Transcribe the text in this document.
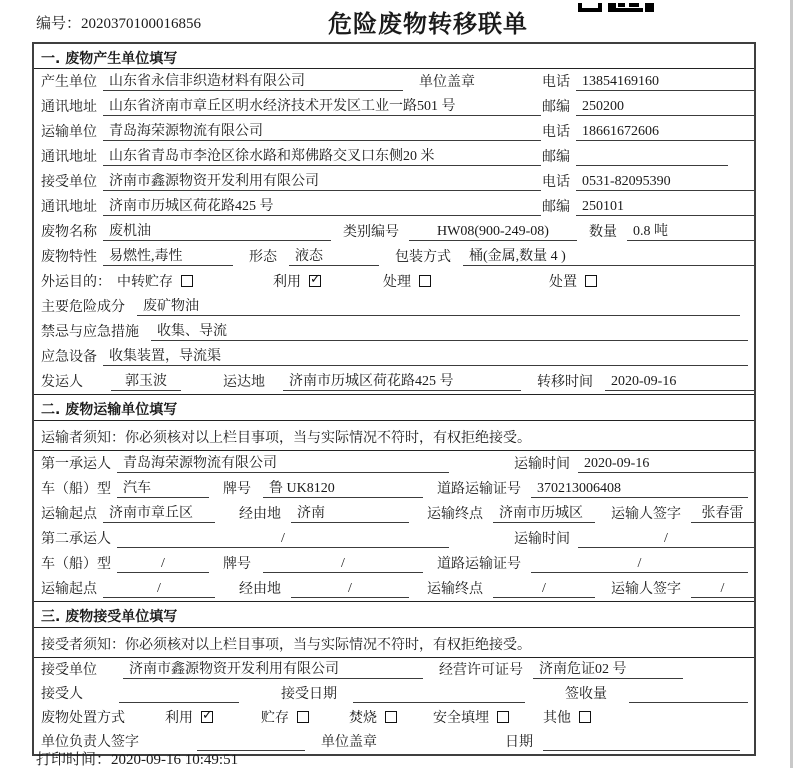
编号：2020370100016856	危险废物转移联单
一. 废物产生单位填写
产生单位 山东省永信非织造材料有限公司	单位盖章	电话 13854169160
通讯地址 山东省济南市章丘区明水经济技术开发区工业一路501 号	邮编 250200
运输单位 青岛海荣源物流有限公司	电话 18661672606
通讯地址 山东省青岛市李沧区徐水路和郑佛路交叉口东侧20 米	邮编
接受单位 济南市鑫源物资开发利用有限公司	电话 0531-82095390
通讯地址 济南市历城区荷花路425 号	邮编 250101
废物名称 废机油	类别编号	HW08(900-249-08)	数量	0.8 吨
废物特性 易燃性,毒性	形态	液态	包装方式	桶(金属,数量 4 )
外运目的： 中转贮存	利用 ✓	处理	处置
主要危险成分	废矿物油
禁忌与应急措施	收集、导流
应急设备 收集装置，导流渠
发运人	郭玉波	运达地	济南市历城区荷花路425 号	转移时间	2020-09-16
二. 废物运输单位填写
运输者须知：你必须核对以上栏目事项，当与实际情况不符时，有权拒绝接受。
第一承运人 青岛海荣源物流有限公司	运输时间	2020-09-16
车（船）型 汽车	牌号	鲁 UK8120	道路运输证号	370213006408
运输起点 济南市章丘区	经由地	济南	运输终点	济南市历城区	运输人签字	张春雷
第二承运人	/	运输时间	/
车（船）型	/	牌号	/	道路运输证号	/
运输起点	/	经由地	/	运输终点	/	运输人签字	/
三. 废物接受单位填写
接受者须知：你必须核对以上栏目事项，当与实际情况不符时，有权拒绝接受。
接受单位	济南市鑫源物资开发利用有限公司	经营许可证号	济南危证02 号
接受人	接受日期	签收量
废物处置方式	利用 ✓	贮存	焚烧	安全填埋	其他
单位负责人签字	单位盖章	日期
打印时间：2020-09-16 10:49:51
